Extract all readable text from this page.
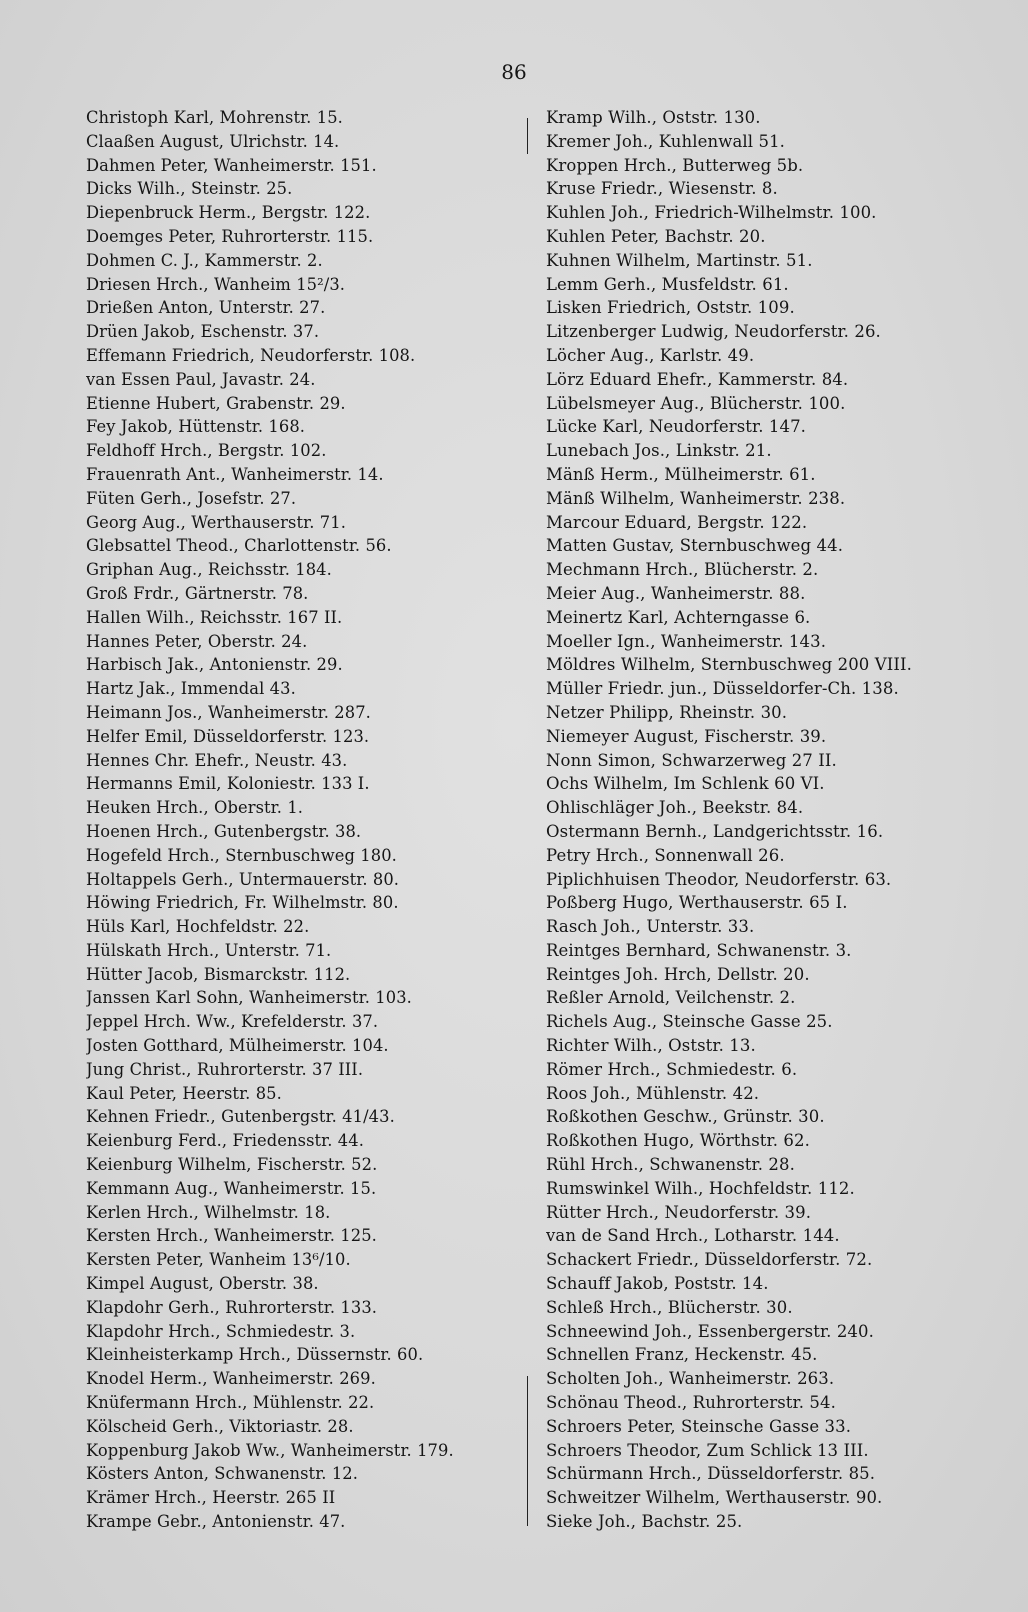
86
Christoph Karl, Mohrenstr. 15.
Claaßen August, Ulrichstr. 14.
Dahmen Peter, Wanheimerstr. 151.
Dicks Wilh., Steinstr. 25.
Diepenbruck Herm., Bergstr. 122.
Doemges Peter, Ruhrorterstr. 115.
Dohmen C. J., Kammerstr. 2.
Driesen Hrch., Wanheim 15²/3.
Drießen Anton, Unterstr. 27.
Drüen Jakob, Eschenstr. 37.
Effemann Friedrich, Neudorferstr. 108.
van Essen Paul, Javastr. 24.
Etienne Hubert, Grabenstr. 29.
Fey Jakob, Hüttenstr. 168.
Feldhoff Hrch., Bergstr. 102.
Frauenrath Ant., Wanheimerstr. 14.
Füten Gerh., Josefstr. 27.
Georg Aug., Werthauserstr. 71.
Glebsattel Theod., Charlottenstr. 56.
Griphan Aug., Reichsstr. 184.
Groß Frdr., Gärtnerstr. 78.
Hallen Wilh., Reichsstr. 167 II.
Hannes Peter, Oberstr. 24.
Harbisch Jak., Antonienstr. 29.
Hartz Jak., Immendal 43.
Heimann Jos., Wanheimerstr. 287.
Helfer Emil, Düsseldorferstr. 123.
Hennes Chr. Ehefr., Neustr. 43.
Hermanns Emil, Koloniestr. 133 I.
Heuken Hrch., Oberstr. 1.
Hoenen Hrch., Gutenbergstr. 38.
Hogefeld Hrch., Sternbuschweg 180.
Holtappels Gerh., Untermauerstr. 80.
Höwing Friedrich, Fr. Wilhelmstr. 80.
Hüls Karl, Hochfeldstr. 22.
Hülskath Hrch., Unterstr. 71.
Hütter Jacob, Bismarckstr. 112.
Janssen Karl Sohn, Wanheimerstr. 103.
Jeppel Hrch. Ww., Krefelderstr. 37.
Josten Gotthard, Mülheimerstr. 104.
Jung Christ., Ruhrorterstr. 37 III.
Kaul Peter, Heerstr. 85.
Kehnen Friedr., Gutenbergstr. 41/43.
Keienburg Ferd., Friedensstr. 44.
Keienburg Wilhelm, Fischerstr. 52.
Kemmann Aug., Wanheimerstr. 15.
Kerlen Hrch., Wilhelmstr. 18.
Kersten Hrch., Wanheimerstr. 125.
Kersten Peter, Wanheim 13⁶/10.
Kimpel August, Oberstr. 38.
Klapdohr Gerh., Ruhrorterstr. 133.
Klapdohr Hrch., Schmiedestr. 3.
Kleinheisterkamp Hrch., Düssernstr. 60.
Knodel Herm., Wanheimerstr. 269.
Knüfermann Hrch., Mühlenstr. 22.
Kölscheid Gerh., Viktoriastr. 28.
Koppenburg Jakob Ww., Wanheimerstr. 179.
Kösters Anton, Schwanenstr. 12.
Krämer Hrch., Heerstr. 265 II
Krampe Gebr., Antonienstr. 47.
Kramp Wilh., Oststr. 130.
Kremer Joh., Kuhlenwall 51.
Kroppen Hrch., Butterweg 5b.
Kruse Friedr., Wiesenstr. 8.
Kuhlen Joh., Friedrich-Wilhelmstr. 100.
Kuhlen Peter, Bachstr. 20.
Kuhnen Wilhelm, Martinstr. 51.
Lemm Gerh., Musfeldstr. 61.
Lisken Friedrich, Oststr. 109.
Litzenberger Ludwig, Neudorferstr. 26.
Löcher Aug., Karlstr. 49.
Lörz Eduard Ehefr., Kammerstr. 84.
Lübelsmeyer Aug., Blücherstr. 100.
Lücke Karl, Neudorferstr. 147.
Lunebach Jos., Linkstr. 21.
Mänß Herm., Mülheimerstr. 61.
Mänß Wilhelm, Wanheimerstr. 238.
Marcour Eduard, Bergstr. 122.
Matten Gustav, Sternbuschweg 44.
Mechmann Hrch., Blücherstr. 2.
Meier Aug., Wanheimerstr. 88.
Meinertz Karl, Achterngasse 6.
Moeller Ign., Wanheimerstr. 143.
Möldres Wilhelm, Sternbuschweg 200 VIII.
Müller Friedr. jun., Düsseldorfer-Ch. 138.
Netzer Philipp, Rheinstr. 30.
Niemeyer August, Fischerstr. 39.
Nonn Simon, Schwarzerweg 27 II.
Ochs Wilhelm, Im Schlenk 60 VI.
Ohlischläger Joh., Beekstr. 84.
Ostermann Bernh., Landgerichtsstr. 16.
Petry Hrch., Sonnenwall 26.
Piplichhuisen Theodor, Neudorferstr. 63.
Poßberg Hugo, Werthauserstr. 65 I.
Rasch Joh., Unterstr. 33.
Reintges Bernhard, Schwanenstr. 3.
Reintges Joh. Hrch, Dellstr. 20.
Reßler Arnold, Veilchenstr. 2.
Richels Aug., Steinsche Gasse 25.
Richter Wilh., Oststr. 13.
Römer Hrch., Schmiedestr. 6.
Roos Joh., Mühlenstr. 42.
Roßkothen Geschw., Grünstr. 30.
Roßkothen Hugo, Wörthstr. 62.
Rühl Hrch., Schwanenstr. 28.
Rumswinkel Wilh., Hochfeldstr. 112.
Rütter Hrch., Neudorferstr. 39.
van de Sand Hrch., Lotharstr. 144.
Schackert Friedr., Düsseldorferstr. 72.
Schauff Jakob, Poststr. 14.
Schleß Hrch., Blücherstr. 30.
Schneewind Joh., Essenbergerstr. 240.
Schnellen Franz, Heckenstr. 45.
Scholten Joh., Wanheimerstr. 263.
Schönau Theod., Ruhrorterstr. 54.
Schroers Peter, Steinsche Gasse 33.
Schroers Theodor, Zum Schlick 13 III.
Schürmann Hrch., Düsseldorferstr. 85.
Schweitzer Wilhelm, Werthauserstr. 90.
Sieke Joh., Bachstr. 25.
